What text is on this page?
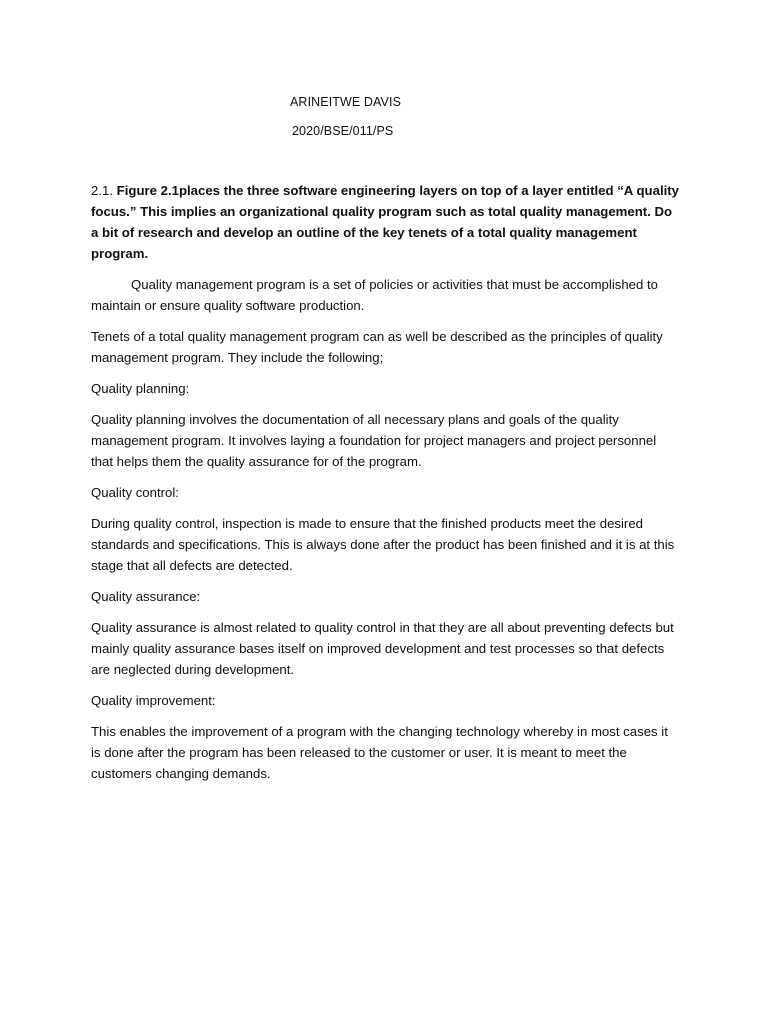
ARINEITWE DAVIS
2020/BSE/011/PS

2.1. Figure 2.1places the three software engineering layers on top of a layer entitled “A quality focus.” This implies an organizational quality program such as total quality management. Do a bit of research and develop an outline of the key tenets of a total quality management program.

Quality management program is a set of policies or activities that must be accomplished to maintain or ensure quality software production.

Tenets of a total quality management program can as well be described as the principles of quality management program. They include the following;

Quality planning:

Quality planning involves the documentation of all necessary plans and goals of the quality management program. It involves laying a foundation for project managers and project personnel that helps them the quality assurance for of the program.

Quality control:

During quality control, inspection is made to ensure that the finished products meet the desired standards and specifications. This is always done after the product has been finished and it is at this stage that all defects are detected.

Quality assurance:

Quality assurance is almost related to quality control in that they are all about preventing defects but mainly quality assurance bases itself on improved development and test processes so that defects are neglected during development.

Quality improvement:

This enables the improvement of a program with the changing technology whereby in most cases it is done after the program has been released to the customer or user. It is meant to meet the customers changing demands.
